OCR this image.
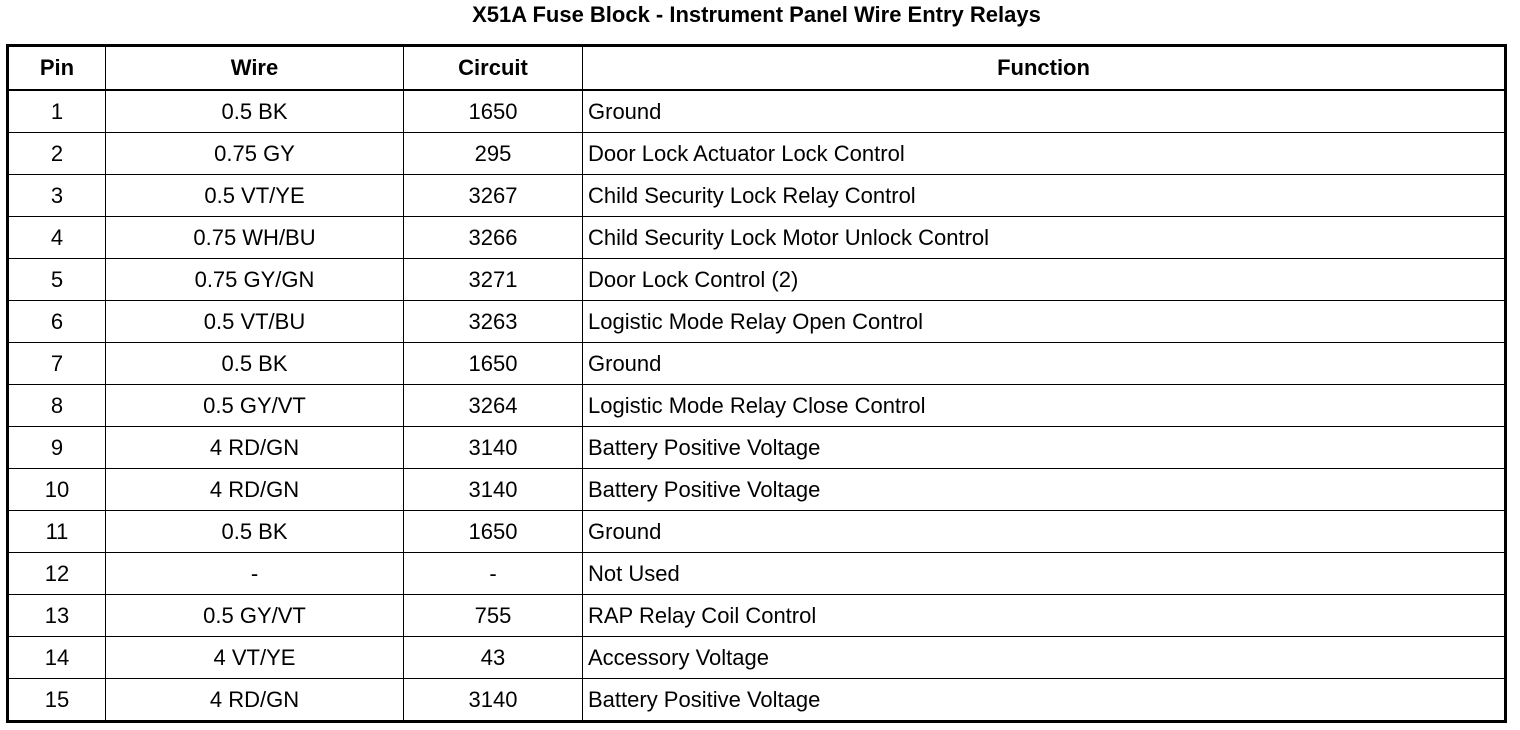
X51A Fuse Block - Instrument Panel Wire Entry Relays
Pin	Wire	Circuit	Function
1	0.5 BK	1650	Ground
2	0.75 GY	295	Door Lock Actuator Lock Control
3	0.5 VT/YE	3267	Child Security Lock Relay Control
4	0.75 WH/BU	3266	Child Security Lock Motor Unlock Control
5	0.75 GY/GN	3271	Door Lock Control (2)
6	0.5 VT/BU	3263	Logistic Mode Relay Open Control
7	0.5 BK	1650	Ground
8	0.5 GY/VT	3264	Logistic Mode Relay Close Control
9	4 RD/GN	3140	Battery Positive Voltage
10	4 RD/GN	3140	Battery Positive Voltage
11	0.5 BK	1650	Ground
12	-	-	Not Used
13	0.5 GY/VT	755	RAP Relay Coil Control
14	4 VT/YE	43	Accessory Voltage
15	4 RD/GN	3140	Battery Positive Voltage
